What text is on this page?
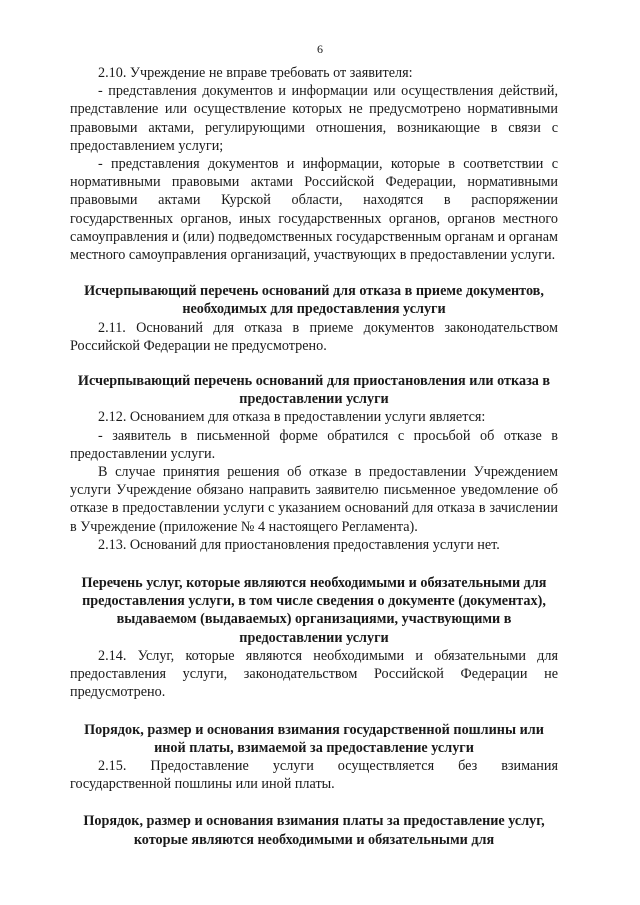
6

2.10. Учреждение не вправе требовать от заявителя:

- представления документов и информации или осуществления действий, представление или осуществление которых не предусмотрено нормативными правовыми актами, регулирующими отношения, возникающие в связи с предоставлением услуги;

- представления документов и информации, которые в соответствии с нормативными правовыми актами Российской Федерации, нормативными правовыми актами Курской области, находятся в распоряжении государственных органов, иных государственных органов, органов местного самоуправления и (или) подведомственных государственным органам и органам местного самоуправления организаций, участвующих в предоставлении услуги.

Исчерпывающий перечень оснований для отказа в приеме документов, необходимых для предоставления услуги

2.11. Оснований для отказа в приеме документов законодательством Российской Федерации не предусмотрено.

Исчерпывающий перечень оснований для приостановления или отказа в предоставлении услуги

2.12. Основанием для отказа в предоставлении услуги является:

- заявитель в письменной форме обратился с просьбой об отказе в предоставлении услуги.

В случае принятия решения об отказе в предоставлении Учреждением услуги Учреждение обязано направить заявителю письменное уведомление об отказе в предоставлении услуги с указанием оснований для отказа в зачислении в Учреждение (приложение № 4 настоящего Регламента).

2.13. Оснований для приостановления предоставления услуги нет.

Перечень услуг, которые являются необходимыми и обязательными для предоставления услуги, в том числе сведения о документе (документах), выдаваемом (выдаваемых) организациями, участвующими в предоставлении услуги

2.14. Услуг, которые являются необходимыми и обязательными для предоставления услуги, законодательством Российской Федерации не предусмотрено.

Порядок, размер и основания взимания государственной пошлины или иной платы, взимаемой за предоставление услуги

2.15. Предоставление услуги осуществляется без взимания государственной пошлины или иной платы.

Порядок, размер и основания взимания платы за предоставление услуг, которые являются необходимыми и обязательными для
